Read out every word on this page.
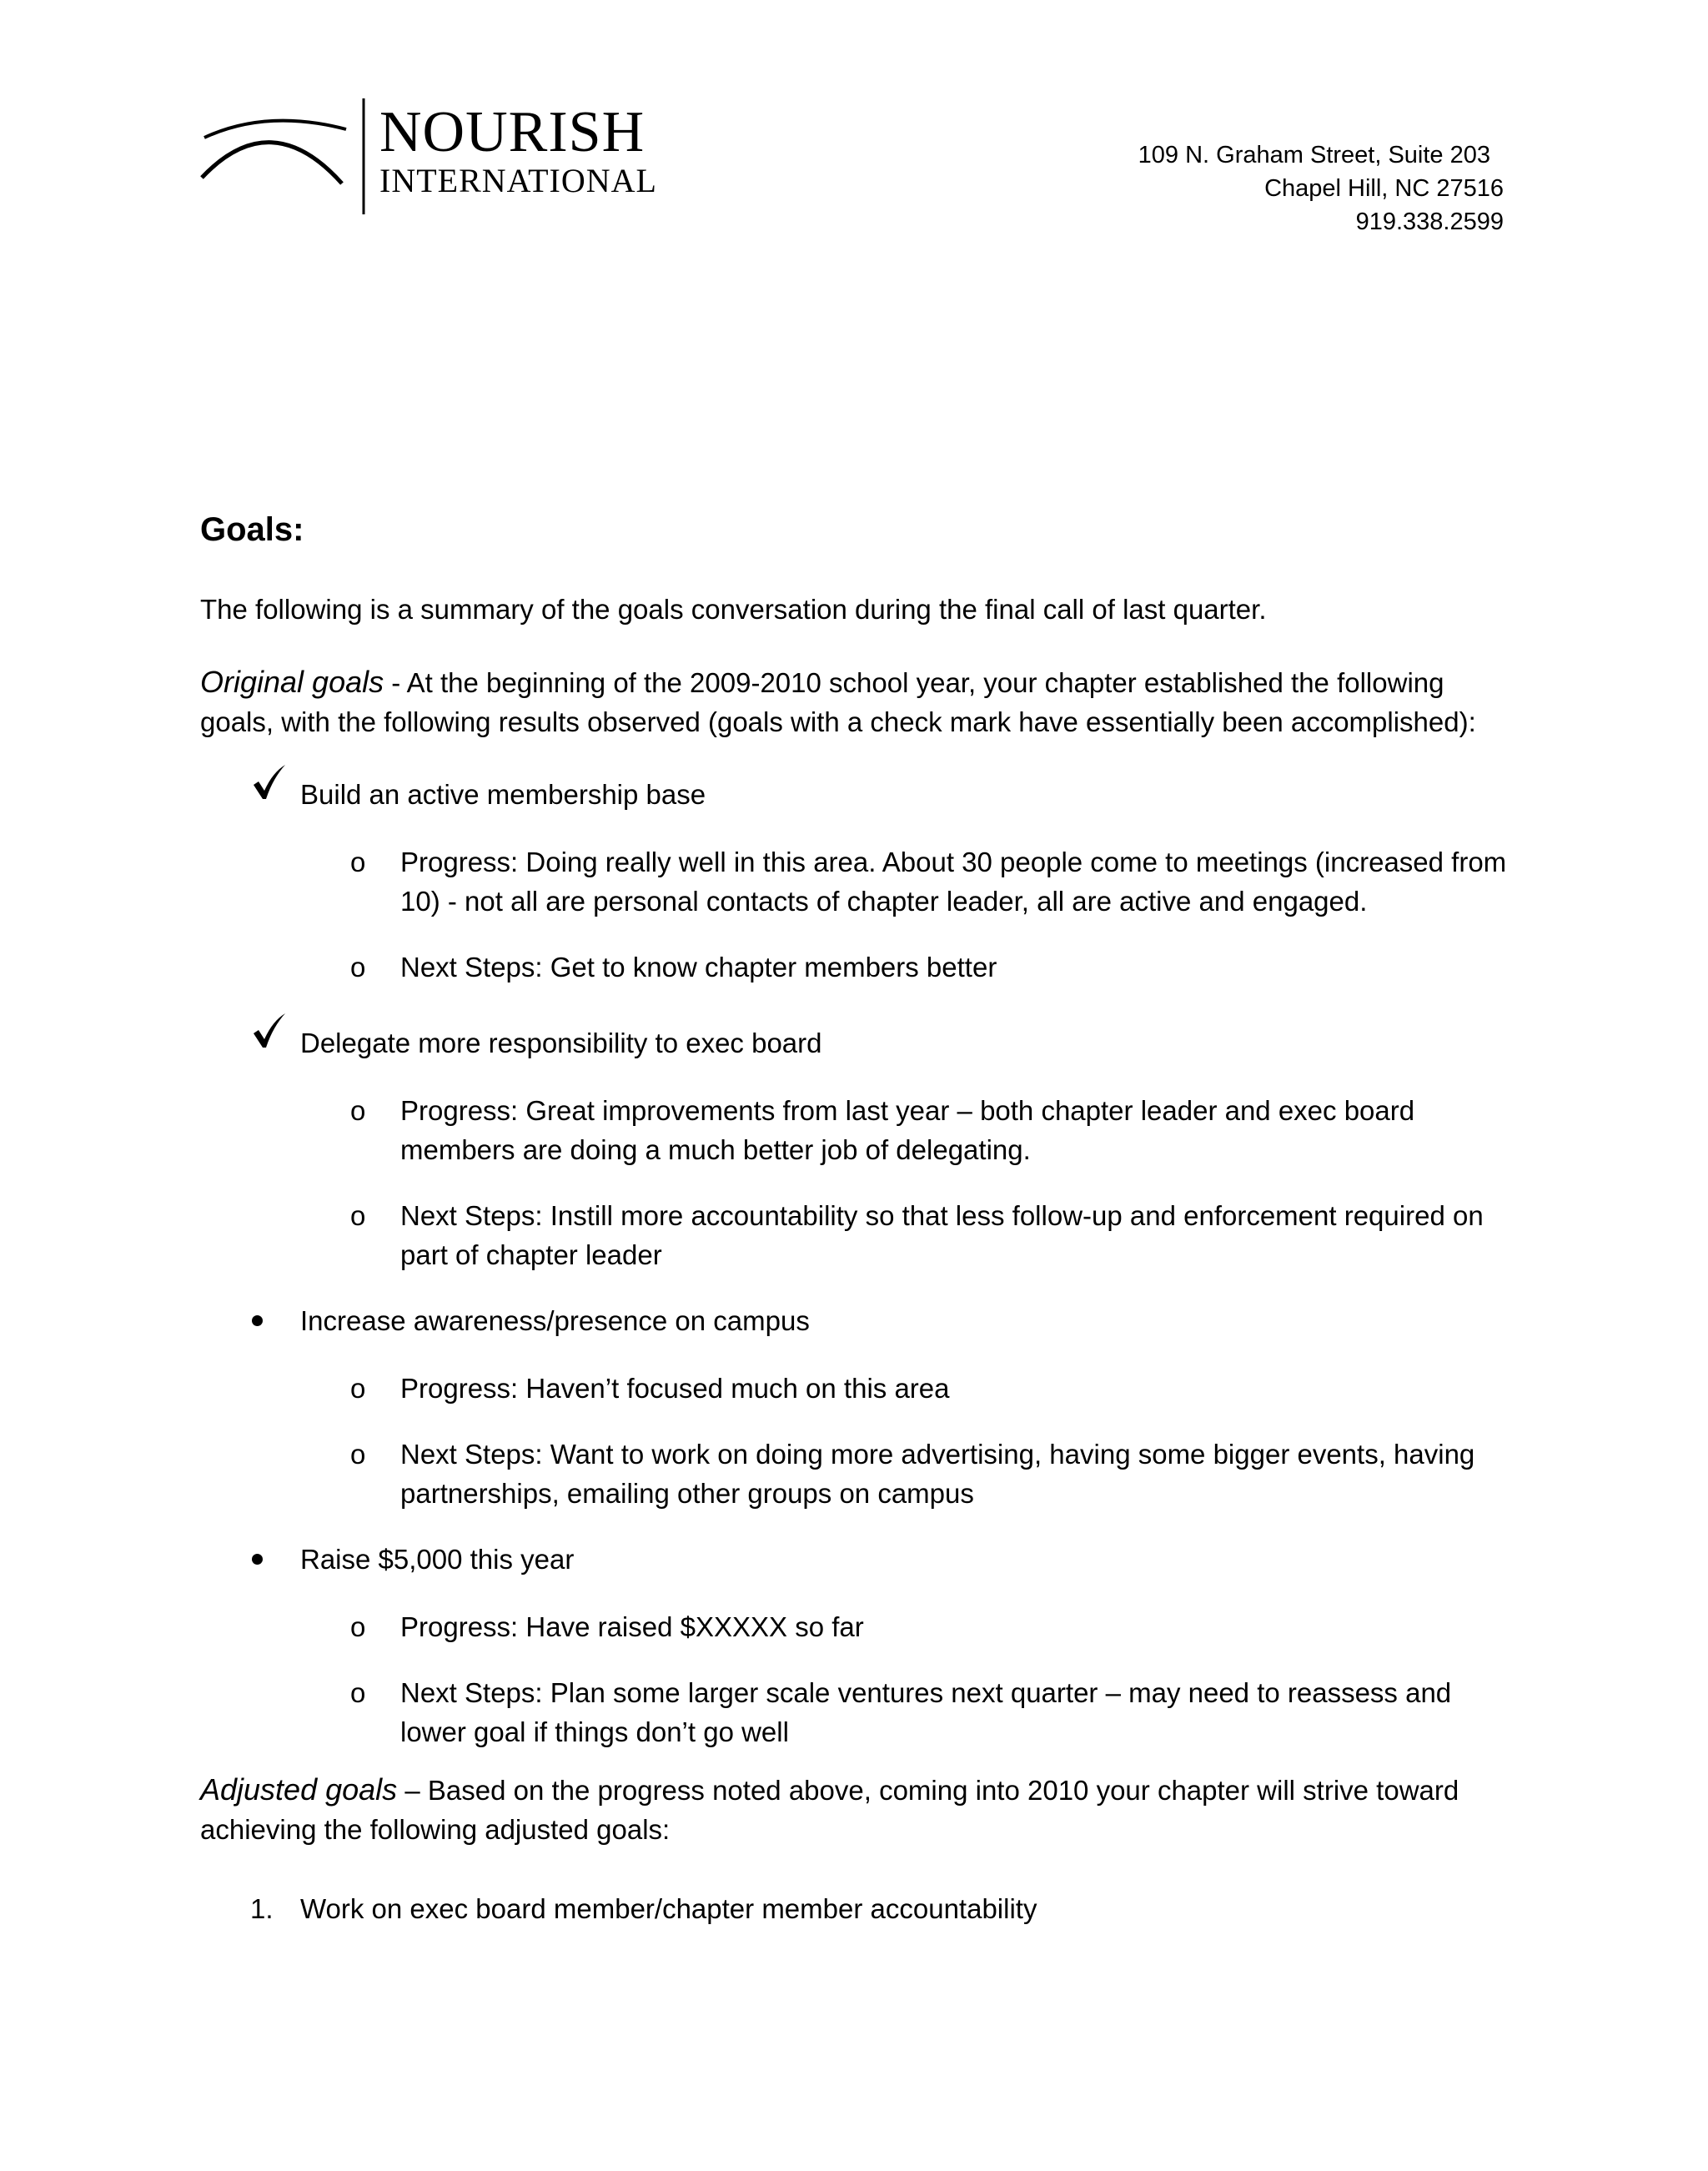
NOURISH
INTERNATIONAL
109 N. Graham Street, Suite 203
Chapel Hill, NC 27516
919.338.2599
Goals:

The following is a summary of the goals conversation during the final call of last quarter.

Original goals - At the beginning of the 2009-2010 school year, your chapter established the following goals, with the following results observed (goals with a check mark have essentially been accomplished):

Build an active membership base
o Progress: Doing really well in this area. About 30 people come to meetings (increased from 10) - not all are personal contacts of chapter leader, all are active and engaged.
o Next Steps: Get to know chapter members better
Delegate more responsibility to exec board
o Progress: Great improvements from last year – both chapter leader and exec board members are doing a much better job of delegating.
o Next Steps: Instill more accountability so that less follow-up and enforcement required on part of chapter leader
Increase awareness/presence on campus
o Progress: Haven’t focused much on this area
o Next Steps: Want to work on doing more advertising, having some bigger events, having partnerships, emailing other groups on campus
Raise $5,000 this year
o Progress: Have raised $XXXXX so far
o Next Steps: Plan some larger scale ventures next quarter – may need to reassess and lower goal if things don’t go well

Adjusted goals – Based on the progress noted above, coming into 2010 your chapter will strive toward achieving the following adjusted goals:

1. Work on exec board member/chapter member accountability
